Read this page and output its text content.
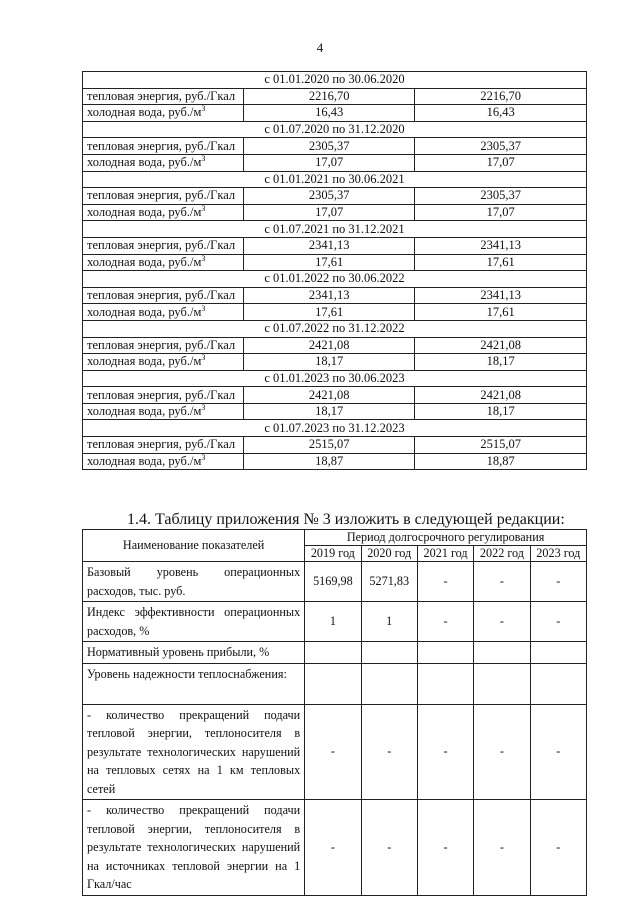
4
с 01.01.2020 по 30.06.2020		
тепловая энергия, руб./Гкал	2216,70	2216,70
холодная вода, $руб./м^3$	16,43	16,43
с 01.07.2020 по 31.12.2020		
тепловая энергия, руб./Гкал	2305,37	2305,37
холодная вода, $руб./м^3$	17,07	17,07
с 01.01.2021 по 30.06.2021		
тепловая энергия, руб./Гкал	2305,37	2305,37
холодная вода, $руб./м^3$	17,07	17,07
с 01.07.2021 по 31.12.2021		
тепловая энергия, руб./Гкал	2341,13	2341,13
холодная вода, $руб./м^3$	17,61	17,61
с 01.01.2022 по 30.06.2022		
тепловая энергия, руб./Гкал	2341,13	2341,13
холодная вода, $руб./м^3$	17,61	17,61
с 01.07.2022 по 31.12.2022		
тепловая энергия, руб./Гкал	2421,08	2421,08
холодная вода, $руб./м^3$	18,17	18,17
с 01.01.2023 по 30.06.2023		
тепловая энергия, руб./Гкал	2421,08	2421,08
холодная вода, $руб./м^3$	18,17	18,17
с 01.07.2023 по 31.12.2023		
тепловая энергия, руб./Гкал	2515,07	2515,07
холодная вода, $руб./м^3$	18,87	18,87
1.4. Таблицу приложения № 3 изложить в следующей редакции:
Наименование показателей	Период долгосрочного регулирования				
	2019 год	2020 год	2021 год	2022 год	2023 год
Базовый уровень операционных расходов, тыс. руб.	5169,98	5271,83	-	-	-
Индекс эффективности операционных расходов, %	1	1	-	-	-
Нормативный уровень прибыли, %					
Уровень надежности теплоснабжения:					
- количество прекращений подачи тепловой энергии, теплоносителя в результате технологических нарушений на тепловых сетях на 1 км тепловых сетей	-	-	-	-	-
- количество прекращений подачи тепловой энергии, теплоносителя в результате технологических нарушений на источниках тепловой энергии на 1 Гкал/час	-	-	-	-	-
